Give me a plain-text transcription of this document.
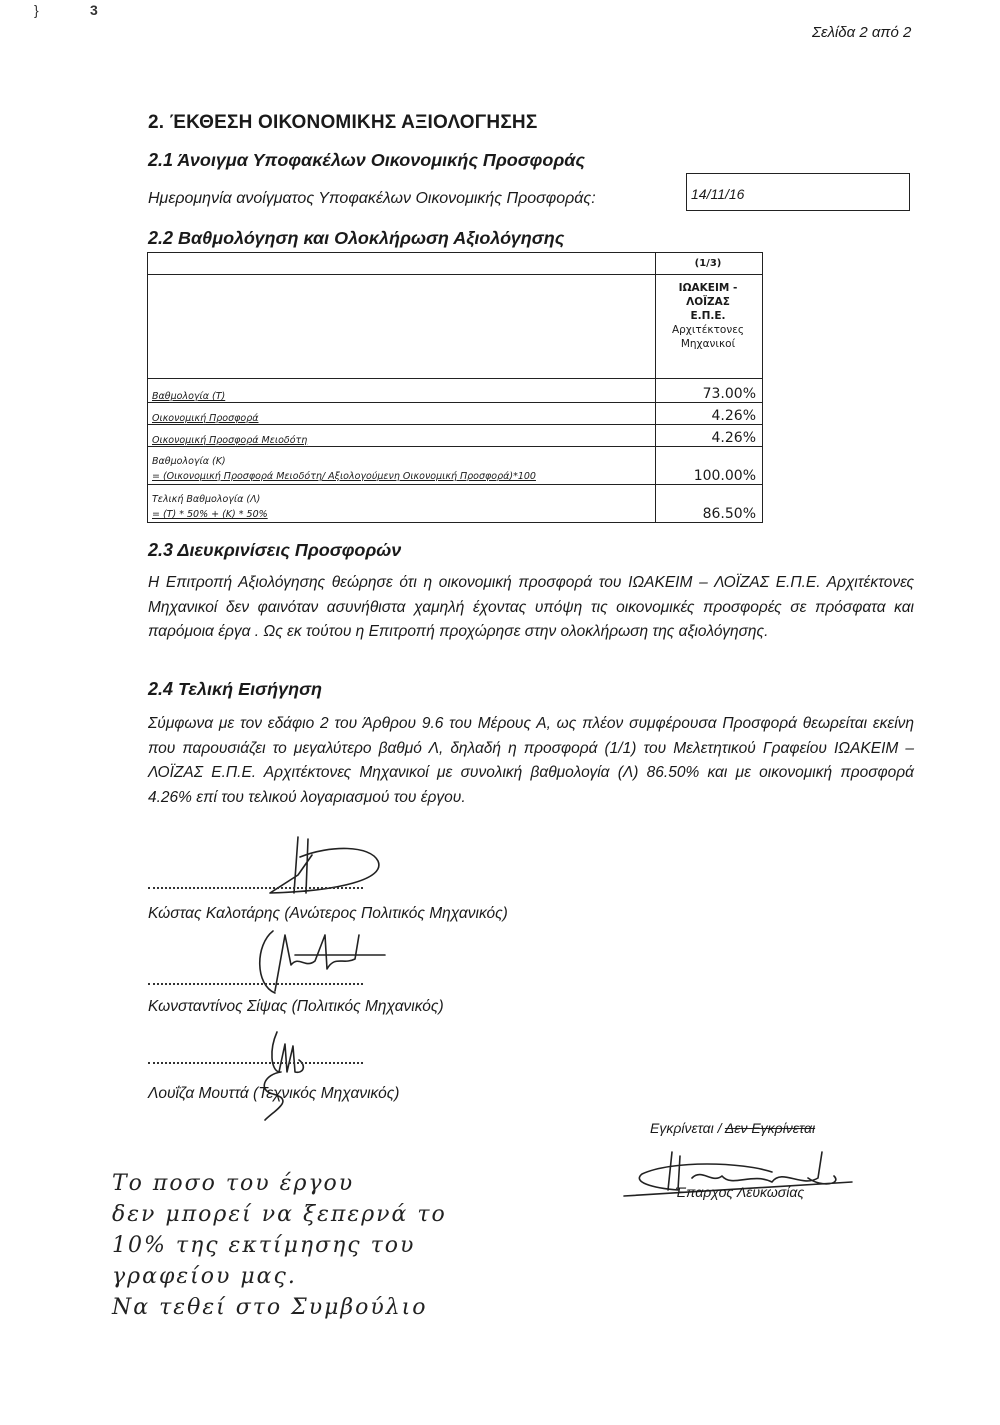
}	3
Σελίδα 2 από 2
2. ΈΚΘΕΣΗ ΟΙΚΟΝΟΜΙΚΗΣ ΑΞΙΟΛΟΓΗΣΗΣ
2.1 Άνοιγμα Υποφακέλων Οικονομικής Προσφοράς
Ημερομηνία ανοίγματος Υποφακέλων Οικονομικής Προσφοράς:	14/11/16
2.2 Βαθμολόγηση και Ολοκλήρωση Αξιολόγησης
	(1/3)

	ΙΩΑΚΕΙΜ -
ΛΟΪΖΑΣ
Ε.Π.Ε.
Αρχιτέκτονες
Μηχανικοί

Βαθμολογία (Τ)	73.00%
Οικονομική Προσφορά	4.26%
Οικονομική Προσφορά Μειοδότη	4.26%

Βαθμολογία (Κ)
= (Οικονομική Προσφορά Μειοδότη/ Αξιολογούμενη Οικονομική Προσφορά)*100	100.00%

Τελική Βαθμολογία (Λ)
= (Τ) * 50% + (Κ) * 50%	86.50%
2.3 Διευκρινίσεις Προσφορών

Η Επιτροπή Αξιολόγησης θεώρησε ότι η οικονομική προσφορά του ΙΩΑΚΕΙΜ – ΛΟΪΖΑΣ Ε.Π.Ε. Αρχιτέκτονες Μηχανικοί δεν φαινόταν ασυνήθιστα χαμηλή έχοντας υπόψη τις οικονομικές προσφορές σε πρόσφατα και παρόμοια έργα . Ως εκ τούτου η Επιτροπή προχώρησε στην ολοκλήρωση της αξιολόγησης.

2.4 Τελική Εισήγηση

Σύμφωνα με τον εδάφιο 2 του Άρθρου 9.6 του Μέρους Α, ως πλέον συμφέρουσα Προσφορά θεωρείται εκείνη που παρουσιάζει το μεγαλύτερο βαθμό Λ, δηλαδή η προσφορά (1/1) του Μελετητικού Γραφείου ΙΩΑΚΕΙΜ – ΛΟΪΖΑΣ Ε.Π.Ε. Αρχιτέκτονες Μηχανικοί με συνολική βαθμολογία (Λ) 86.50% και με οικονομική προσφορά 4.26% επί του τελικού λογαριασμού του έργου.

Κώστας Καλοτάρης (Ανώτερος Πολιτικός Μηχανικός)
Κωνσταντίνος Σίψας (Πολιτικός Μηχανικός)
Λουΐζα Μουττά (Τεχνικός Μηχανικός)
Εγκρίνεται / Δεν Εγκρίνεται
Έπαρχος Λευκωσίας
Το ποσο του έργου
δεν μπορεί να ξεπερνά το
10% της εκτίμησης του
γραφείου μας.
Να τεθεί στο Συμβούλιο
